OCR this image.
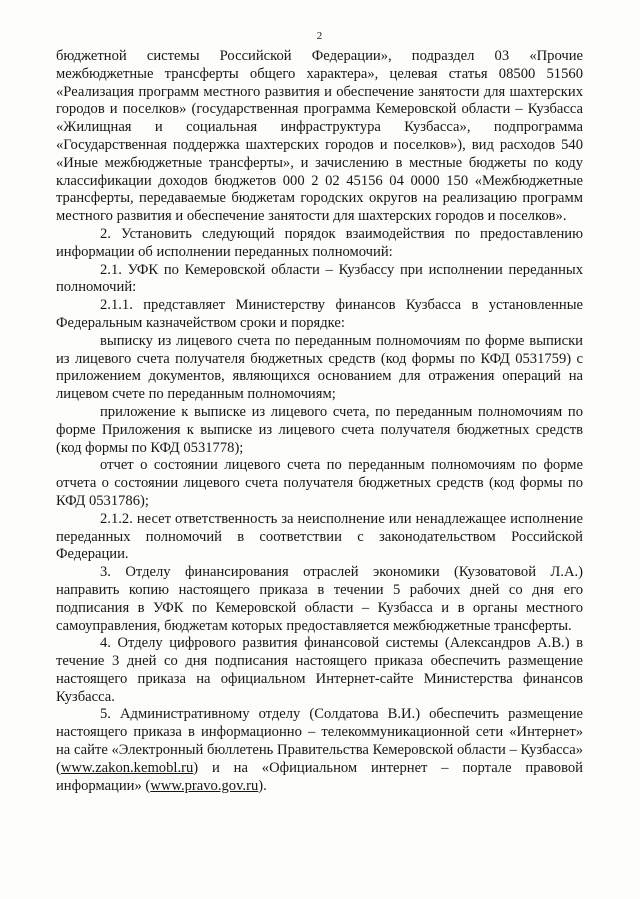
2

бюджетной системы Российской Федерации», подраздел 03 «Прочие межбюджетные трансферты общего характера», целевая статья 08500 51560 «Реализация программ местного развития и обеспечение занятости для шахтерских городов и поселков» (государственная программа Кемеровской области – Кузбасса «Жилищная и социальная инфраструктура Кузбасса», подпрограмма «Государственная поддержка шахтерских городов и поселков»), вид расходов 540 «Иные межбюджетные трансферты», и зачислению в местные бюджеты по коду классификации доходов бюджетов 000 2 02 45156 04 0000 150 «Межбюджетные трансферты, передаваемые бюджетам городских округов на реализацию программ местного развития и обеспечение занятости для шахтерских городов и поселков».

2. Установить следующий порядок взаимодействия по предоставлению информации об исполнении переданных полномочий:

2.1. УФК по Кемеровской области – Кузбассу при исполнении переданных полномочий:

2.1.1. представляет Министерству финансов Кузбасса в установленные Федеральным казначейством сроки и порядке:

выписку из лицевого счета по переданным полномочиям по форме выписки из лицевого счета получателя бюджетных средств (код формы по КФД 0531759) с приложением документов, являющихся основанием для отражения операций на лицевом счете по переданным полномочиям;

приложение к выписке из лицевого счета, по переданным полномочиям по форме Приложения к выписке из лицевого счета получателя бюджетных средств (код формы по КФД 0531778);

отчет о состоянии лицевого счета по переданным полномочиям по форме отчета о состоянии лицевого счета получателя бюджетных средств (код формы по КФД 0531786);

2.1.2. несет ответственность за неисполнение или ненадлежащее исполнение переданных полномочий в соответствии с законодательством Российской Федерации.

3. Отделу финансирования отраслей экономики (Кузоватовой Л.А.) направить копию настоящего приказа в течении 5 рабочих дней со дня его подписания в УФК по Кемеровской области – Кузбасса и в органы местного самоуправления, бюджетам которых предоставляется межбюджетные трансферты.

4. Отделу цифрового развития финансовой системы (Александров А.В.) в течение 3 дней со дня подписания настоящего приказа обеспечить размещение настоящего приказа на официальном Интернет-сайте Министерства финансов Кузбасса.

5. Административному отделу (Солдатова В.И.) обеспечить размещение настоящего приказа в информационно – телекоммуникационной сети «Интернет» на сайте «Электронный бюллетень Правительства Кемеровской области – Кузбасса» (www.zakon.kemobl.ru) и на «Официальном интернет – портале правовой информации» (www.pravo.gov.ru).
